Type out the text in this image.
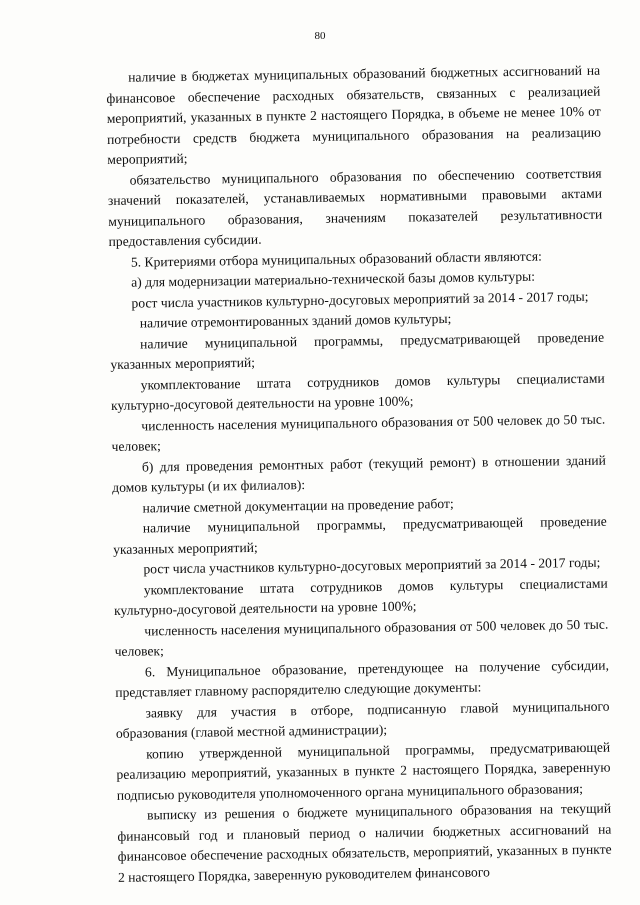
80

наличие в бюджетах муниципальных образований бюджетных ассигнований на финансовое обеспечение расходных обязательств, связанных с реализацией мероприятий, указанных в пункте 2 настоящего Порядка, в объеме не менее 10% от потребности средств бюджета муниципального образования на реализацию мероприятий;

обязательство муниципального образования по обеспечению соответствия значений показателей, устанавливаемых нормативными правовыми актами муниципального образования, значениям показателей результативности предоставления субсидии.

5. Критериями отбора муниципальных образований области являются:

а) для модернизации материально-технической базы домов культуры:

рост числа участников культурно-досуговых мероприятий за 2014 - 2017 годы;

наличие отремонтированных зданий домов культуры;

наличие муниципальной программы, предусматривающей проведение указанных мероприятий;

укомплектование штата сотрудников домов культуры специалистами культурно-досуговой деятельности на уровне 100%;

численность населения муниципального образования от 500 человек до 50 тыс. человек;

б) для проведения ремонтных работ (текущий ремонт) в отношении зданий домов культуры (и их филиалов):

наличие сметной документации на проведение работ;

наличие муниципальной программы, предусматривающей проведение указанных мероприятий;

рост числа участников культурно-досуговых мероприятий за 2014 - 2017 годы;

укомплектование штата сотрудников домов культуры специалистами культурно-досуговой деятельности на уровне 100%;

численность населения муниципального образования от 500 человек до 50 тыс. человек;

6. Муниципальное образование, претендующее на получение субсидии, представляет главному распорядителю следующие документы:

заявку для участия в отборе, подписанную главой муниципального образования (главой местной администрации);

копию утвержденной муниципальной программы, предусматривающей реализацию мероприятий, указанных в пункте 2 настоящего Порядка, заверенную подписью руководителя уполномоченного органа муниципального образования;

выписку из решения о бюджете муниципального образования на текущий финансовый год и плановый период о наличии бюджетных ассигнований на финансовое обеспечение расходных обязательств, мероприятий, указанных в пункте 2 настоящего Порядка, заверенную руководителем финансового
